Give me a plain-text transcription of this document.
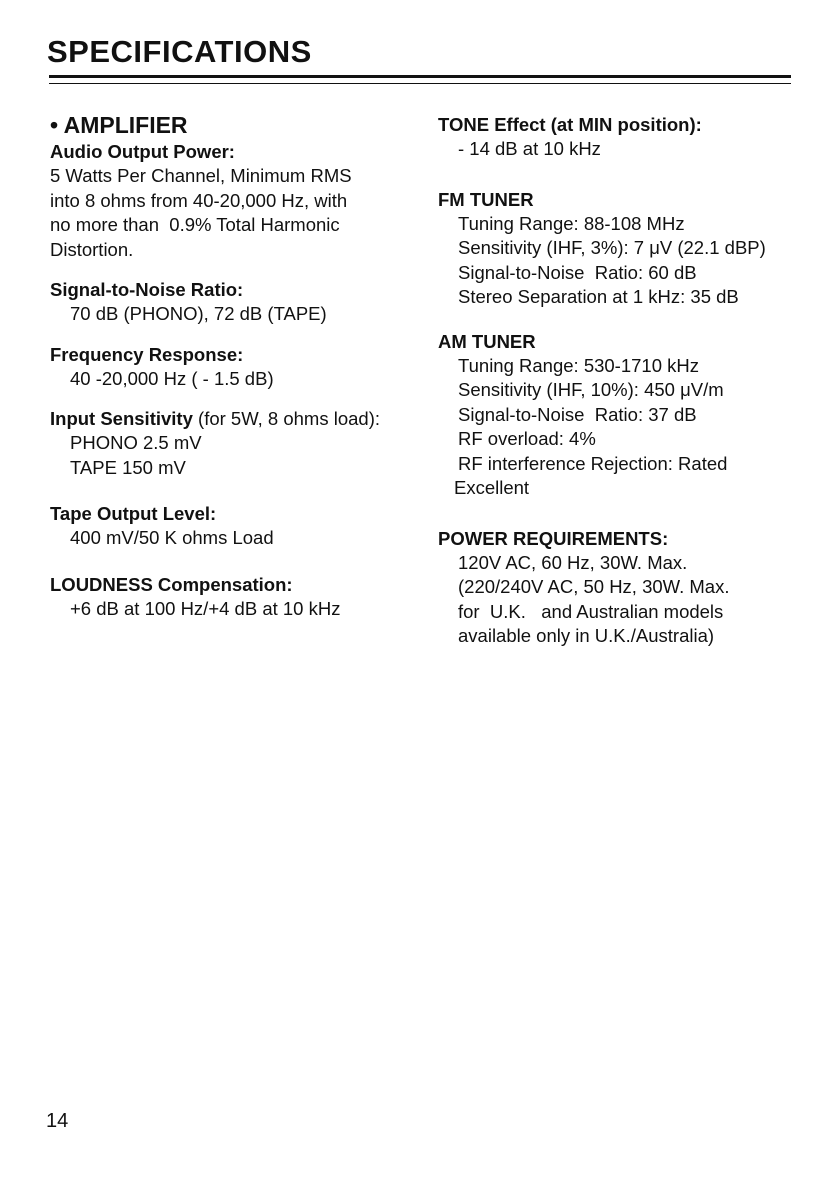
SPECIFICATIONS
• AMPLIFIER
Audio Output Power:
5 Watts Per Channel, Minimum RMS
into 8 ohms from 40-20,000 Hz, with
no more than  0.9% Total Harmonic
Distortion.
Signal-to-Noise Ratio:
70 dB (PHONO), 72 dB (TAPE)
Frequency Response:
40 -20,000 Hz ( - 1.5 dB)
Input Sensitivity (for 5W, 8 ohms load):
PHONO 2.5 mV
TAPE 150 mV
Tape Output Level:
400 mV/50 K ohms Load
LOUDNESS Compensation:
+6 dB at 100 Hz/+4 dB at 10 kHz
TONE Effect (at MIN position):
- 14 dB at 10 kHz
FM TUNER
Tuning Range: 88-108 MHz
Sensitivity (IHF, 3%): 7 μV (22.1 dBP)
Signal-to-Noise  Ratio: 60 dB
Stereo Separation at 1 kHz: 35 dB
AM TUNER
Tuning Range: 530-1710 kHz
Sensitivity (IHF, 10%): 450 μV/m
Signal-to-Noise  Ratio: 37 dB
RF overload: 4%
RF interference Rejection: Rated
Excellent
POWER REQUIREMENTS:
120V AC, 60 Hz, 30W. Max.
(220/240V AC, 50 Hz, 30W. Max.
for  U.K.   and Australian models
available only in U.K./Australia)
14
